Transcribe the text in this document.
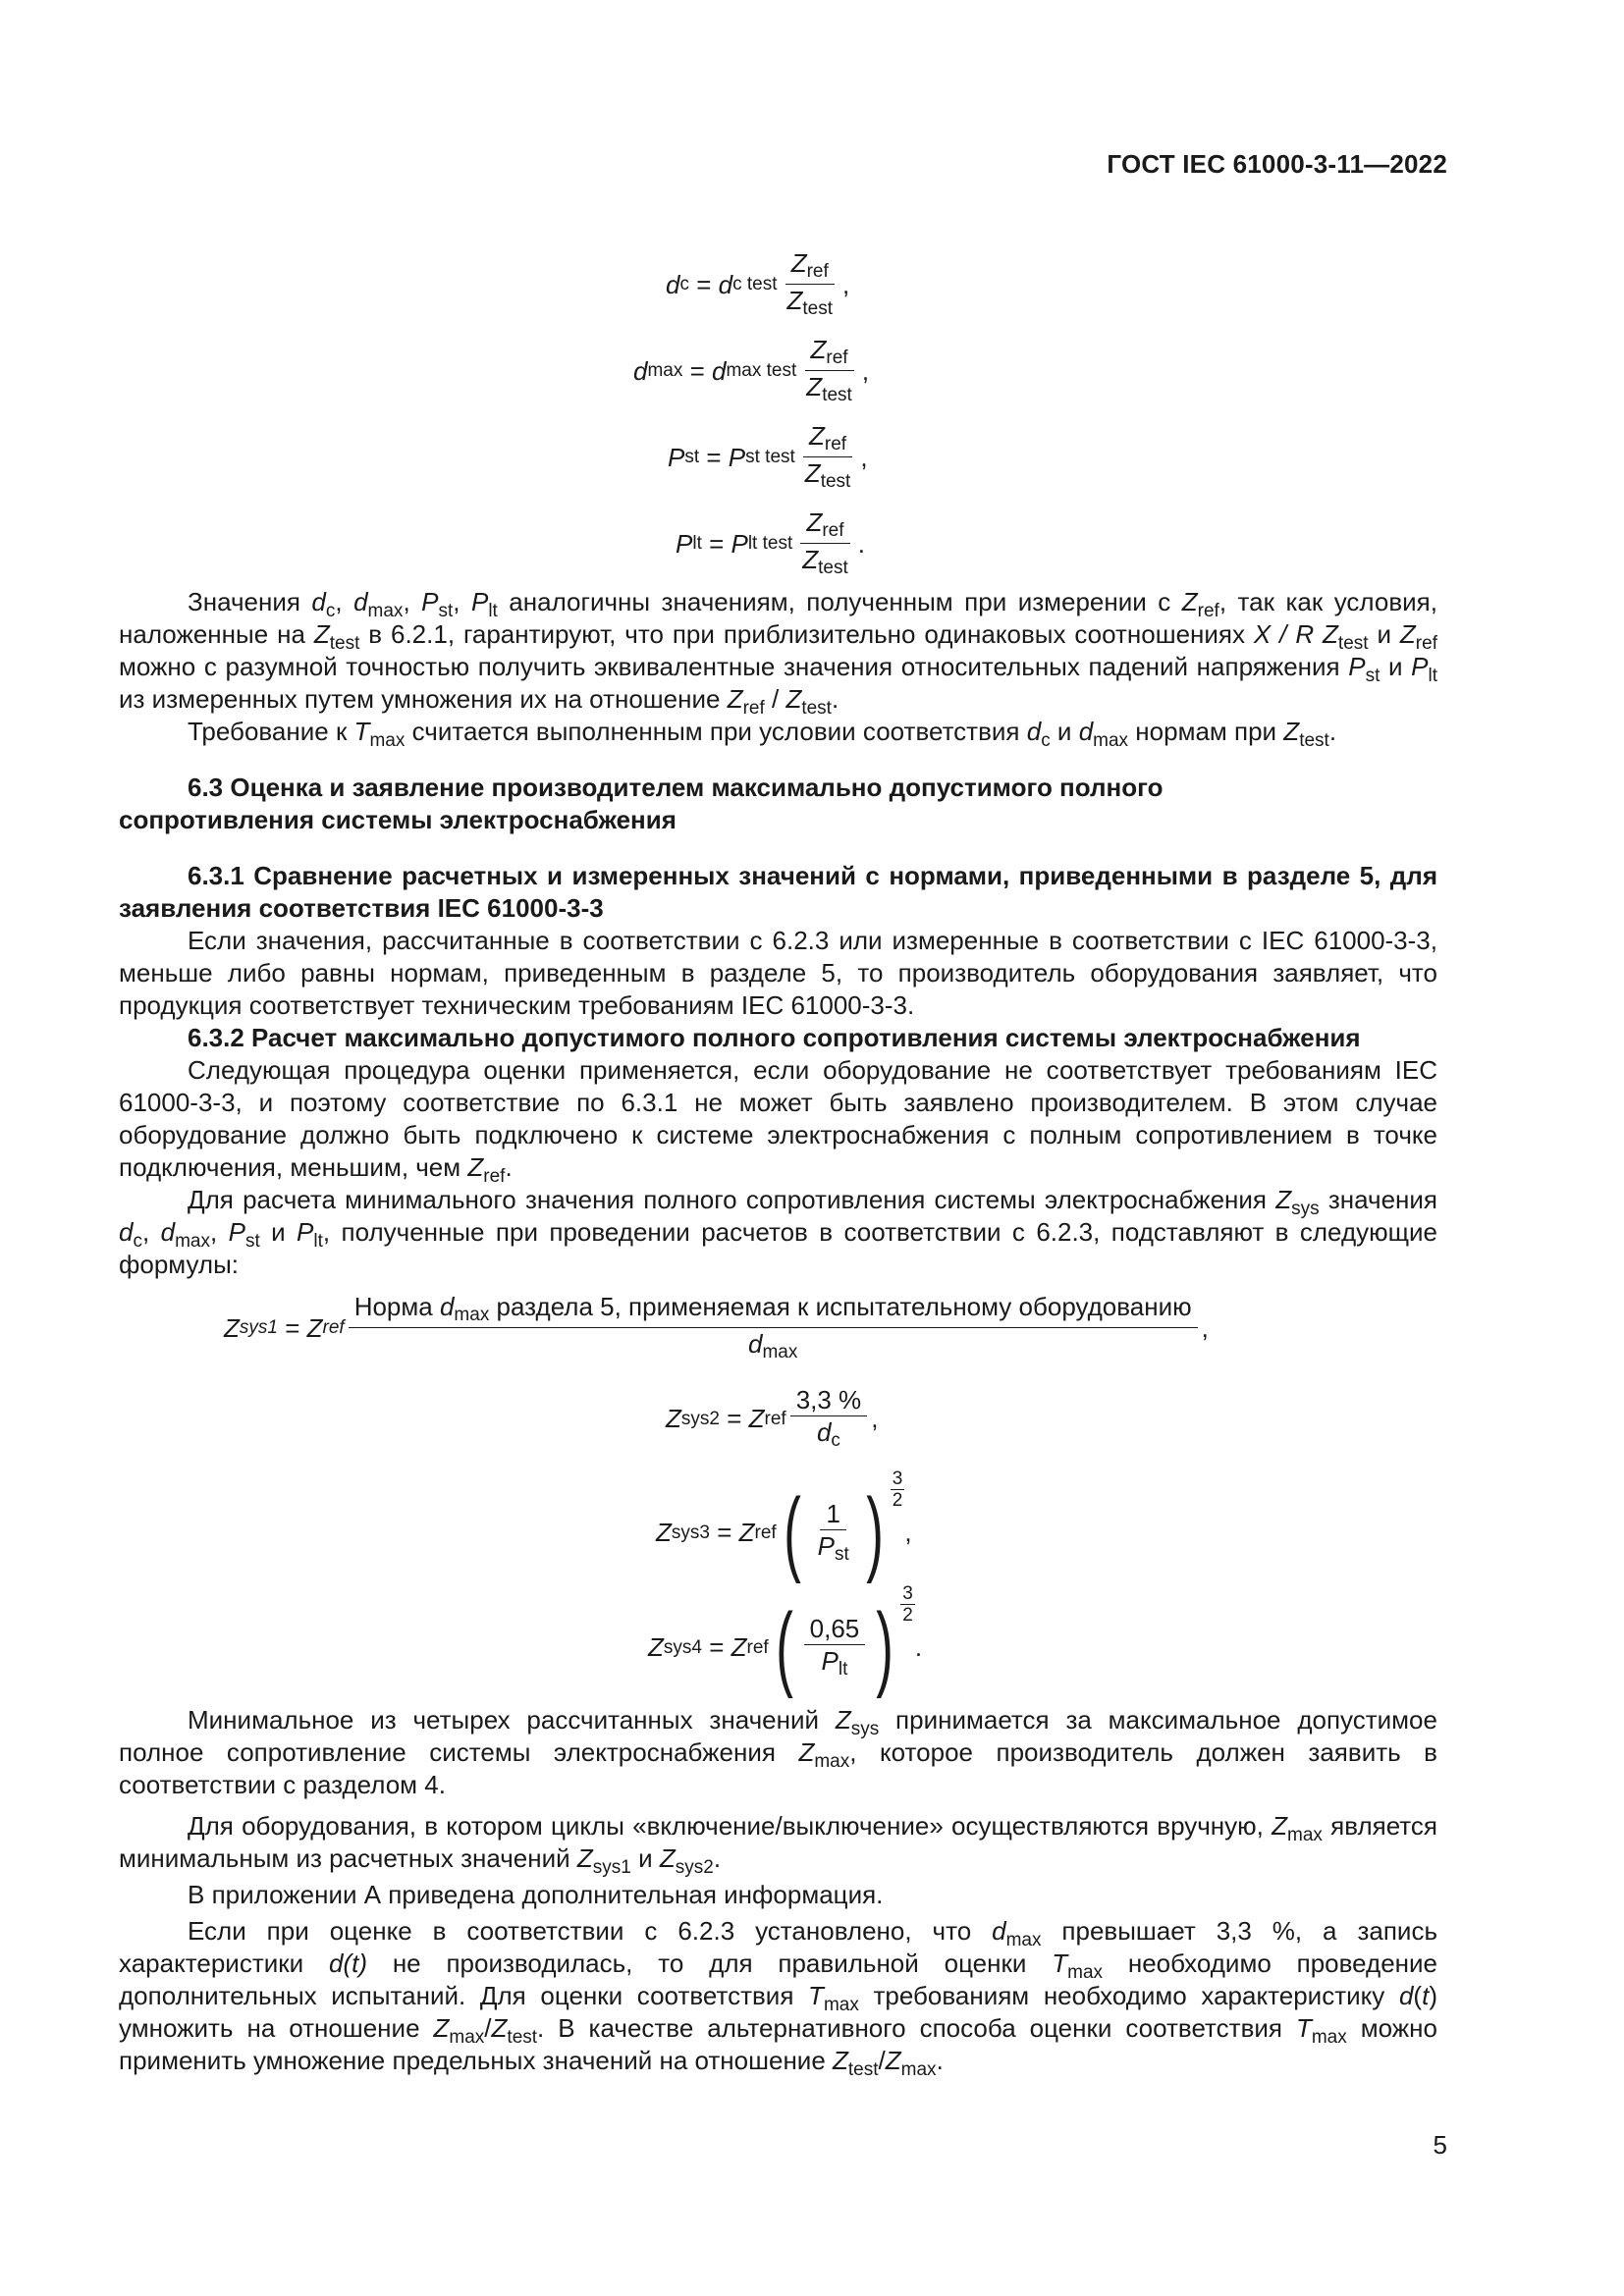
ГОСТ IEC 61000-3-11—2022
d c = d c test $\frac{Z_{ref}}{Z_{test}}$ ,
d max = d max test $\frac{Z_{ref}}{Z_{test}}$ ,
P st = P st test $\frac{Z_{ref}}{Z_{test}}$ ,
P lt = P lt test $\frac{Z_{ref}}{Z_{test}}$ .

Значения $d_c$, $d_{max}$, $P_{st}$, $P_{lt}$ аналогичны значениям, полученным при измерении с $Z_{ref}$, так как условия, наложенные на $Z_{test}$ в 6.2.1, гарантируют, что при приблизительно одинаковых соотношениях X / R $Z_{test}$ и $Z_{ref}$ можно с разумной точностью получить эквивалентные значения относительных падений напряжения $P_{st}$ и $P_{lt}$ из измеренных путем умножения их на отношение $Z_{ref} / Z_{test}$.

Требование к $T_{max}$ считается выполненным при условии соответствия $d_c$ и $d_{max}$ нормам при $Z_{test}$.

6.3 Оценка и заявление производителем максимально допустимого полного
сопротивления системы электроснабжения

6.3.1 Сравнение расчетных и измеренных значений с нормами, приведенными в разделе 5, для заявления соответствия IEC 61000-3-3

Если значения, рассчитанные в соответствии с 6.2.3 или измеренные в соответствии с IEC 61000-3-3, меньше либо равны нормам, приведенным в разделе 5, то производитель оборудования заявляет, что продукция соответствует техническим требованиям IEC 61000-3-3.

6.3.2 Расчет максимально допустимого полного сопротивления системы электроснабжения

Следующая процедура оценки применяется, если оборудование не соответствует требованиям IEC 61000-3-3, и поэтому соответствие по 6.3.1 не может быть заявлено производителем. В этом случае оборудование должно быть подключено к системе электроснабжения с полным сопротивлением в точке подключения, меньшим, чем $Z_{ref}$.

Для расчета минимального значения полного сопротивления системы электроснабжения $Z_{sys}$ значения $d_c$, $d_{max}$, $P_{st}$ и $P_{lt}$, полученные при проведении расчетов в соответствии с 6.2.3, подставляют в следующие формулы:

Z sys1 = Z ref
Норма $d_{max}$ раздела 5, применяемая к испытательному оборудованию
$d_{max}$
,
Z sys2 = Z ref $\frac{3,3 \%}{d_c}$ ,
Z sys3 = Z ref ( $\frac{1}{P_{st}}$ )
3
2
,
Z sys4 = Z ref ( $\frac{0,65}{P_{lt}}$ )
3
2
.

Минимальное из четырех рассчитанных значений $Z_{sys}$ принимается за максимальное допустимое полное сопротивление системы электроснабжения $Z_{max}$, которое производитель должен заявить в соответствии с разделом 4.

Для оборудования, в котором циклы «включение/выключение» осуществляются вручную, $Z_{max}$ является минимальным из расчетных значений $Z_{sys1}$ и $Z_{sys2}$.

В приложении А приведена дополнительная информация.

Если при оценке в соответствии с 6.2.3 установлено, что $d_{max}$ превышает 3,3 %, а запись характеристики d(t) не производилась, то для правильной оценки $T_{max}$ необходимо проведение дополнительных испытаний. Для оценки соответствия $T_{max}$ требованиям необходимо характеристику d(t) умножить на отношение $Z_{max}/Z_{test}$. В качестве альтернативного способа оценки соответствия $T_{max}$ можно применить умножение предельных значений на отношение $Z_{test}/Z_{max}$.

5
